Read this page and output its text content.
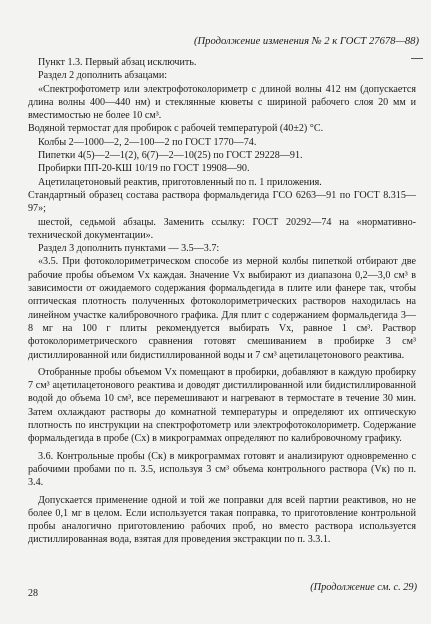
(Продолжение изменения № 2 к ГОСТ 27678—88)

Пункт 1.3. Первый абзац исключить.

Раздел 2 дополнить абзацами:

«Спектрофотометр или электрофотоколориметр с длиной волны 412 нм (допускается длина волны 400—440 нм) и стеклянные кюветы с шириной рабочего слоя 20 мм и вместимостью не более 10 см³.

Водяной термостат для пробирок с рабочей температурой (40±2) °С.

Колбы 2—1000—2, 2—100—2 по ГОСТ 1770—74.

Пипетки 4(5)—2—1(2), 6(7)—2—10(25) по ГОСТ 29228—91.

Пробирки ПП-20-КШ 10/19 по ГОСТ 19908—90.

Ацетилацетоновый реактив, приготовленный по п. 1 приложения.

Стандартный образец состава раствора формальдегида ГСО 6263—91 по ГОСТ 8.315—97»;

шестой, седьмой абзацы. Заменить ссылку: ГОСТ 20292—74 на «нормативно-технической документации».

Раздел 3 дополнить пунктами — 3.5—3.7:

«3.5. При фотоколориметрическом способе из мерной колбы пипеткой отбирают две рабочие пробы объемом Vx каждая. Значение Vx выбирают из диапазона 0,2—3,0 см³ в зависимости от ожидаемого содержания формальдегида в плите или фанере так, чтобы оптическая плотность полученных фотоколориметрических растворов находилась на линейном участке калибровочного графика. Для плит с содержанием формальдегида 3—8 мг на 100 г плиты рекомендуется выбирать Vx, равное 1 см³. Раствор фотоколориметрического сравнения готовят смешиванием в пробирке 3 см³ дистиллированной или бидистиллированной воды и 7 см³ ацетилацетонового реактива.

Отобранные пробы объемом Vx помещают в пробирки, добавляют в каждую пробирку 7 см³ ацетилацетонового реактива и доводят дистиллированной или бидистиллированной водой до объема 10 см³, все перемешивают и нагревают в термостате в течение 30 мин. Затем охлаждают растворы до комнатной температуры и определяют их оптическую плотность по инструкции на спектрофотометр или электрофотоколориметр. Содержание формальдегида в пробе (Сx) в микрограммах определяют по калибровочному графику.

3.6. Контрольные пробы (Ск) в микрограммах готовят и анализируют одновременно с рабочими пробами по п. 3.5, используя 3 см³ объема контрольного раствора (Vк) по п. 3.4.

Допускается применение одной и той же поправки для всей партии реактивов, но не более 0,1 мг в целом. Если используется такая поправка, то приготовление контрольной пробы аналогично приготовлению рабочих проб, но вместо раствора используется дистиллированная вода, взятая для проведения экстракции по п. 3.3.1.

(Продолжение см. с. 29)
28
